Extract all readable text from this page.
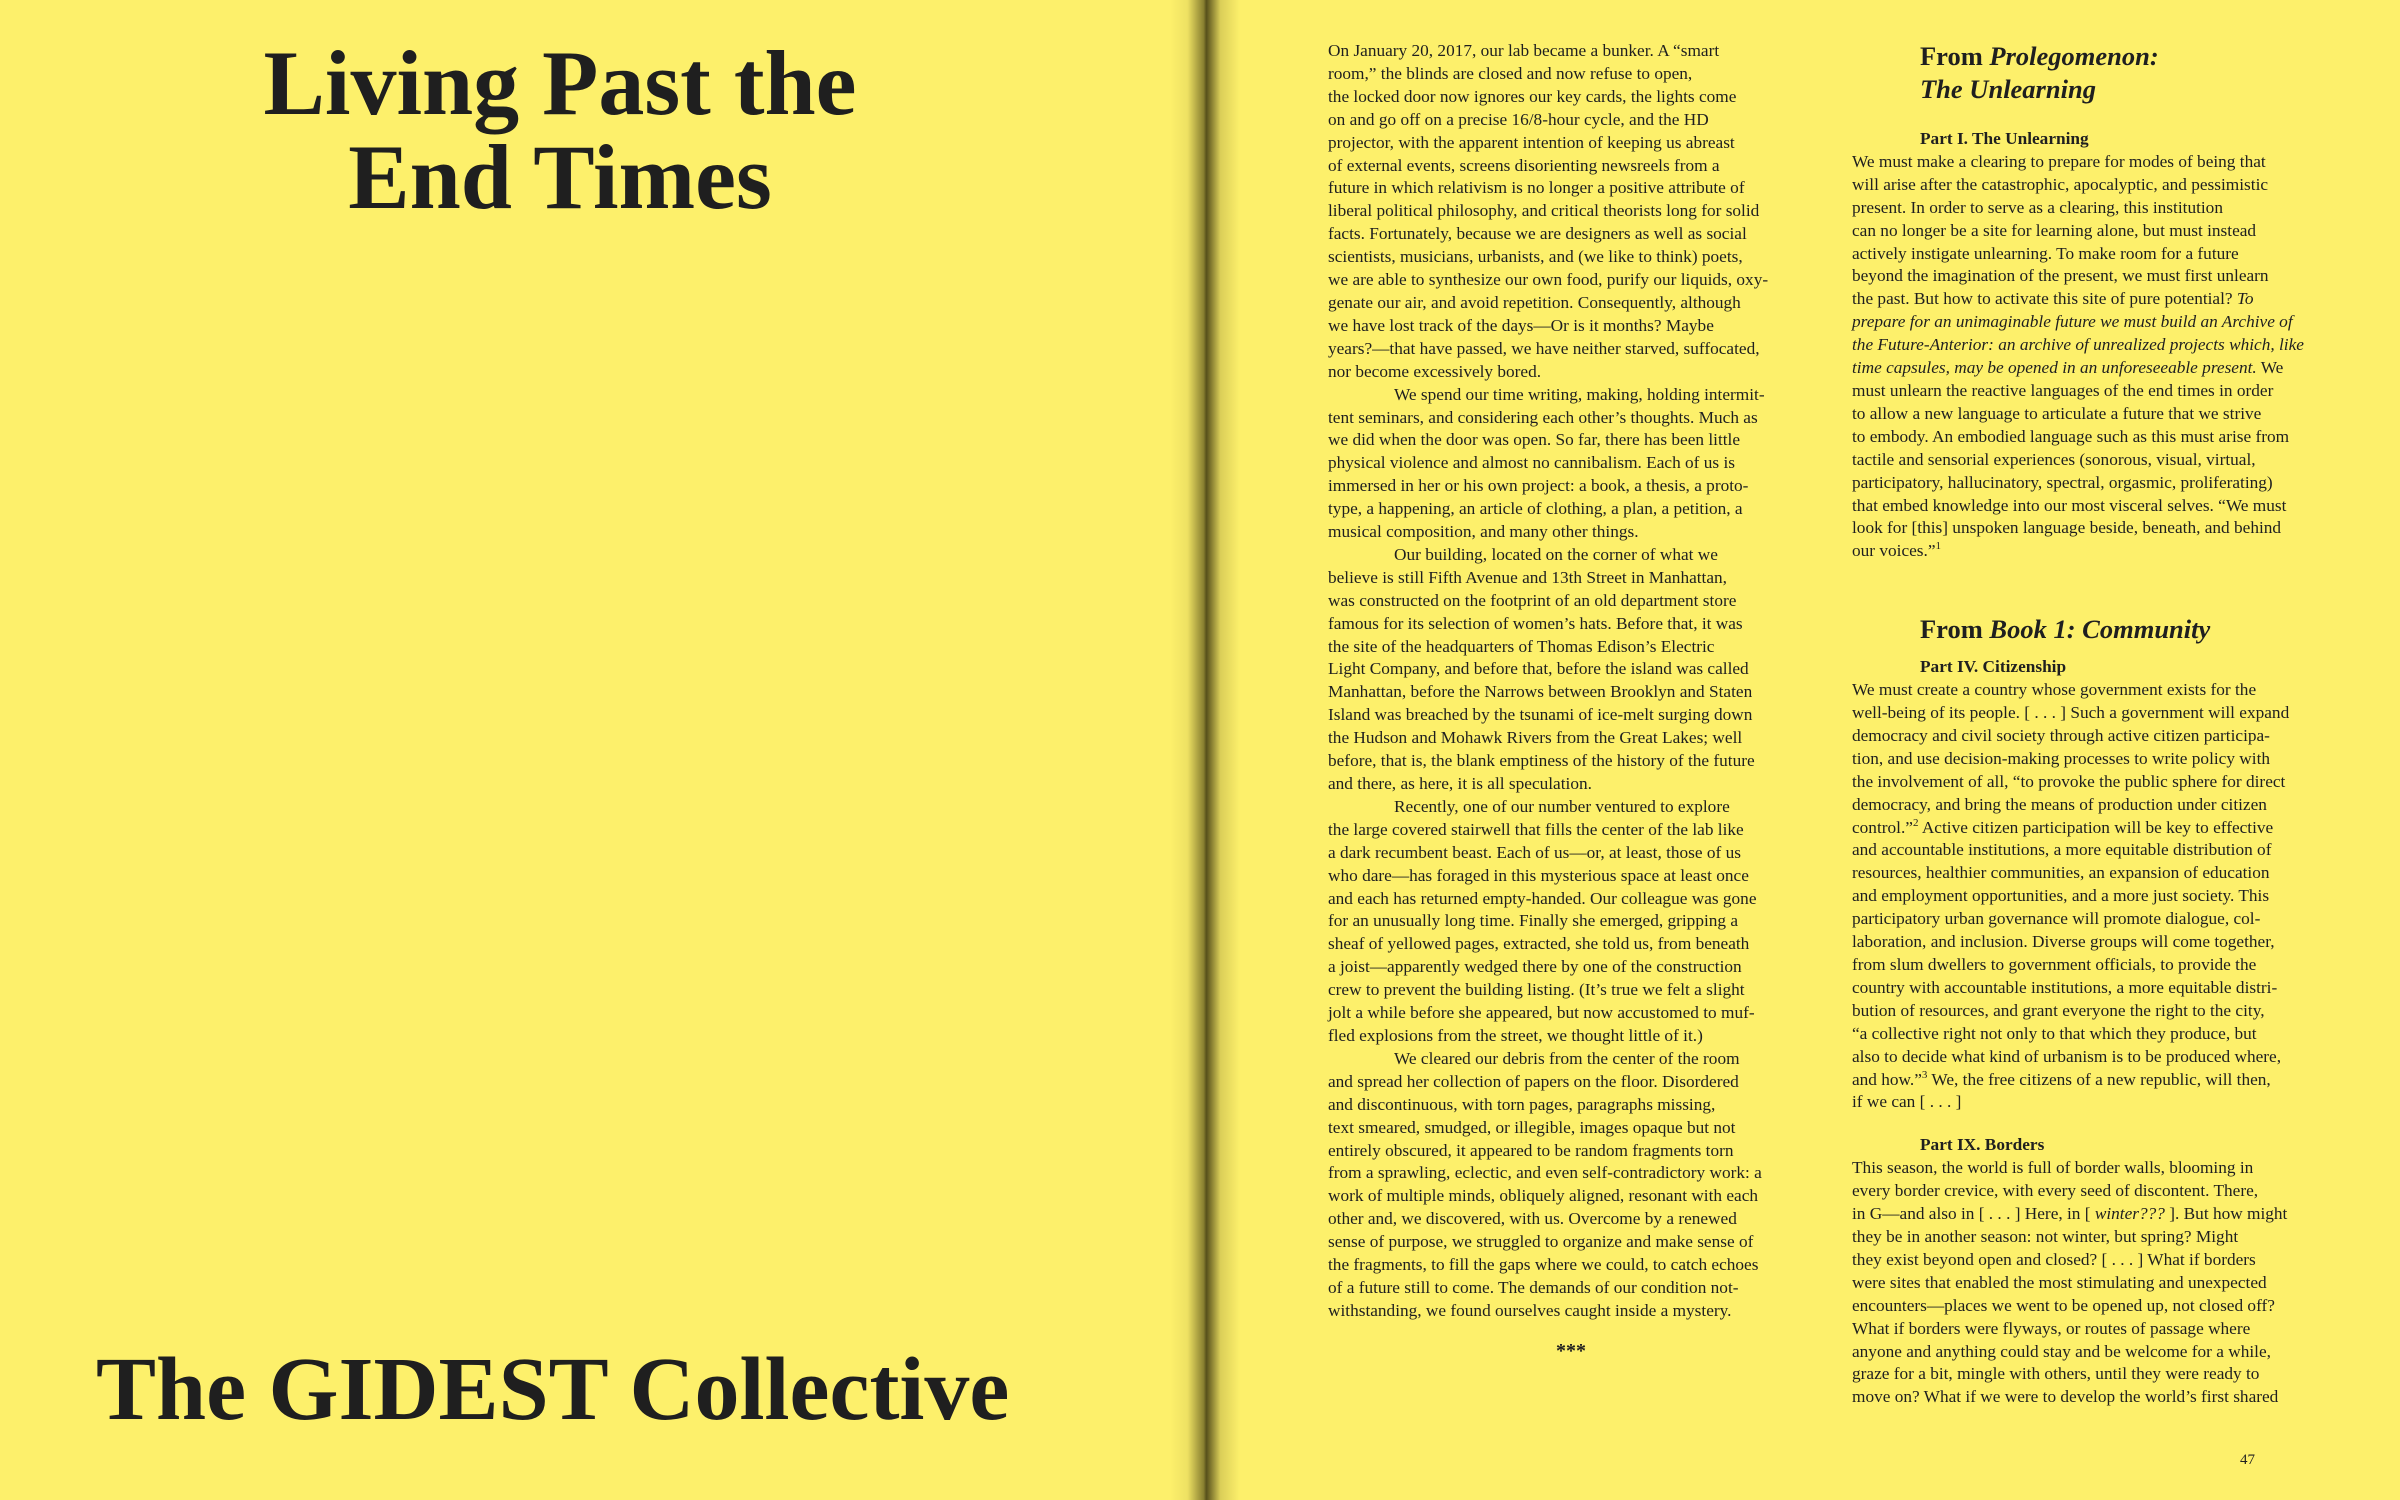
Living Past the
End Times
The GIDEST Collective
On January 20, 2017, our lab became a bunker. A “smart
room,” the blinds are closed and now refuse to open,
the locked door now ignores our key cards, the lights come
on and go off on a precise 16/8-hour cycle, and the HD
projector, with the apparent intention of keeping us abreast
of external events, screens disorienting newsreels from a
future in which relativism is no longer a positive attribute of
liberal political philosophy, and critical theorists long for solid
facts. Fortunately, because we are designers as well as social
scientists, musicians, urbanists, and (we like to think) poets,
we are able to synthesize our own food, purify our liquids, oxy-
genate our air, and avoid repetition. Consequently, although
we have lost track of the days—Or is it months? Maybe
years?—that have passed, we have neither starved, suffocated,
nor become excessively bored.
We spend our time writing, making, holding intermit-
tent seminars, and considering each other’s thoughts. Much as
we did when the door was open. So far, there has been little
physical violence and almost no cannibalism. Each of us is
immersed in her or his own project: a book, a thesis, a proto-
type, a happening, an article of clothing, a plan, a petition, a
musical composition, and many other things.
Our building, located on the corner of what we
believe is still Fifth Avenue and 13th Street in Manhattan,
was constructed on the footprint of an old department store
famous for its selection of women’s hats. Before that, it was
the site of the headquarters of Thomas Edison’s Electric
Light Company, and before that, before the island was called
Manhattan, before the Narrows between Brooklyn and Staten
Island was breached by the tsunami of ice-melt surging down
the Hudson and Mohawk Rivers from the Great Lakes; well
before, that is, the blank emptiness of the history of the future
and there, as here, it is all speculation.
Recently, one of our number ventured to explore
the large covered stairwell that fills the center of the lab like
a dark recumbent beast. Each of us—or, at least, those of us
who dare—has foraged in this mysterious space at least once
and each has returned empty-handed. Our colleague was gone
for an unusually long time. Finally she emerged, gripping a
sheaf of yellowed pages, extracted, she told us, from beneath
a joist—apparently wedged there by one of the construction
crew to prevent the building listing. (It’s true we felt a slight
jolt a while before she appeared, but now accustomed to muf-
fled explosions from the street, we thought little of it.)
We cleared our debris from the center of the room
and spread her collection of papers on the floor. Disordered
and discontinuous, with torn pages, paragraphs missing,
text smeared, smudged, or illegible, images opaque but not
entirely obscured, it appeared to be random fragments torn
from a sprawling, eclectic, and even self-contradictory work: a
work of multiple minds, obliquely aligned, resonant with each
other and, we discovered, with us. Overcome by a renewed
sense of purpose, we struggled to organize and make sense of
the fragments, to fill the gaps where we could, to catch echoes
of a future still to come. The demands of our condition not-
withstanding, we found ourselves caught inside a mystery.
***
From Prolegomenon:
The Unlearning
Part I. The Unlearning
We must make a clearing to prepare for modes of being that
will arise after the catastrophic, apocalyptic, and pessimistic
present. In order to serve as a clearing, this institution
can no longer be a site for learning alone, but must instead
actively instigate unlearning. To make room for a future
beyond the imagination of the present, we must first unlearn
the past. But how to activate this site of pure potential? To
prepare for an unimaginable future we must build an Archive of
the Future-Anterior: an archive of unrealized projects which, like
time capsules, may be opened in an unforeseeable present. We
must unlearn the reactive languages of the end times in order
to allow a new language to articulate a future that we strive
to embody. An embodied language such as this must arise from
tactile and sensorial experiences (sonorous, visual, virtual,
participatory, hallucinatory, spectral, orgasmic, proliferating)
that embed knowledge into our most visceral selves. “We must
look for [this] unspoken language beside, beneath, and behind
our voices.”$^1$
From Book 1: Community
Part IV. Citizenship
We must create a country whose government exists for the
well-being of its people. [ . . . ] Such a government will expand
democracy and civil society through active citizen participa-
tion, and use decision-making processes to write policy with
the involvement of all, “to provoke the public sphere for direct
democracy, and bring the means of production under citizen
control.”$^2$ Active citizen participation will be key to effective
and accountable institutions, a more equitable distribution of
resources, healthier communities, an expansion of education
and employment opportunities, and a more just society. This
participatory urban governance will promote dialogue, col-
laboration, and inclusion. Diverse groups will come together,
from slum dwellers to government officials, to provide the
country with accountable institutions, a more equitable distri-
bution of resources, and grant everyone the right to the city,
“a collective right not only to that which they produce, but
also to decide what kind of urbanism is to be produced where,
and how.”$^3$ We, the free citizens of a new republic, will then,
if we can [ . . . ]
Part IX. Borders
This season, the world is full of border walls, blooming in
every border crevice, with every seed of discontent. There,
in G—and also in [ . . . ] Here, in [ winter??? ]. But how might
they be in another season: not winter, but spring? Might
they exist beyond open and closed? [ . . . ] What if borders
were sites that enabled the most stimulating and unexpected
encounters—places we went to be opened up, not closed off?
What if borders were flyways, or routes of passage where
anyone and anything could stay and be welcome for a while,
graze for a bit, mingle with others, until they were ready to
move on? What if we were to develop the world’s first shared
47
